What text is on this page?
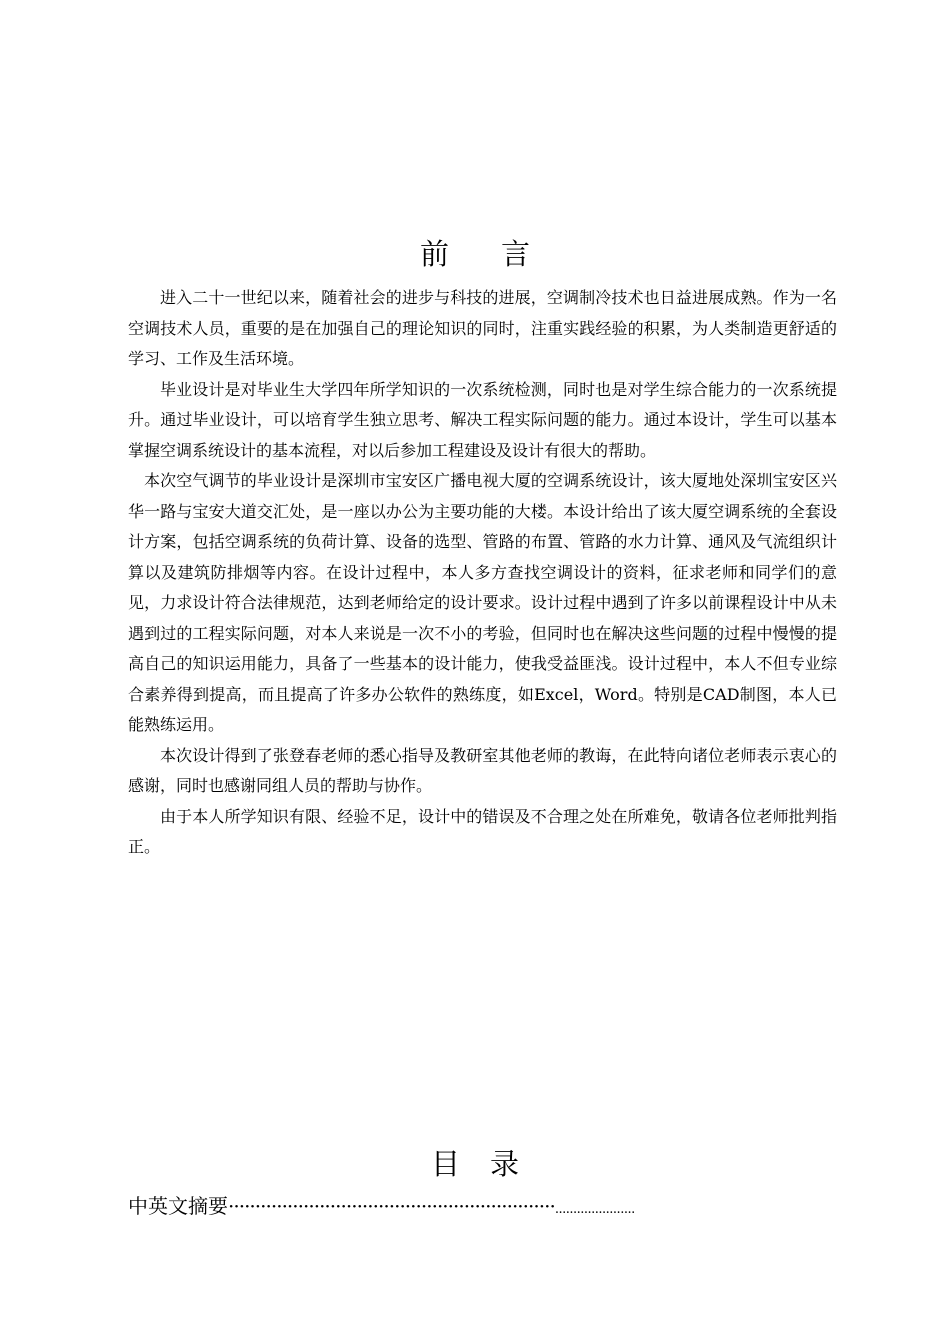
前 言

进入二十一世纪以来，随着社会的进步与科技的进展，空调制冷技术也日益进展成熟。作为一名空调技术人员，重要的是在加强自己的理论知识的同时，注重实践经验的积累，为人类制造更舒适的学习、工作及生活环境。

毕业设计是对毕业生大学四年所学知识的一次系统检测，同时也是对学生综合能力的一次系统提升。通过毕业设计，可以培育学生独立思考、解决工程实际问题的能力。通过本设计，学生可以基本掌握空调系统设计的基本流程，对以后参加工程建设及设计有很大的帮助。

本次空气调节的毕业设计是深圳市宝安区广播电视大厦的空调系统设计，该大厦地处深圳宝安区兴华一路与宝安大道交汇处，是一座以办公为主要功能的大楼。本设计给出了该大厦空调系统的全套设计方案，包括空调系统的负荷计算、设备的选型、管路的布置、管路的水力计算、通风及气流组织计算以及建筑防排烟等内容。在设计过程中，本人多方查找空调设计的资料，征求老师和同学们的意见，力求设计符合法律规范，达到老师给定的设计要求。设计过程中遇到了许多以前课程设计中从未遇到过的工程实际问题，对本人来说是一次不小的考验，但同时也在解决这些问题的过程中慢慢的提高自己的知识运用能力，具备了一些基本的设计能力，使我受益匪浅。设计过程中，本人不但专业综合素养得到提高，而且提高了许多办公软件的熟练度，如Excel，Word。特别是CAD制图，本人已能熟练运用。

本次设计得到了张登春老师的悉心指导及教研室其他老师的教诲，在此特向诸位老师表示衷心的感谢，同时也感谢同组人员的帮助与协作。

由于本人所学知识有限、经验不足，设计中的错误及不合理之处在所难免，敬请各位老师批判指正。

目 录
中英文摘要·····························································......................
